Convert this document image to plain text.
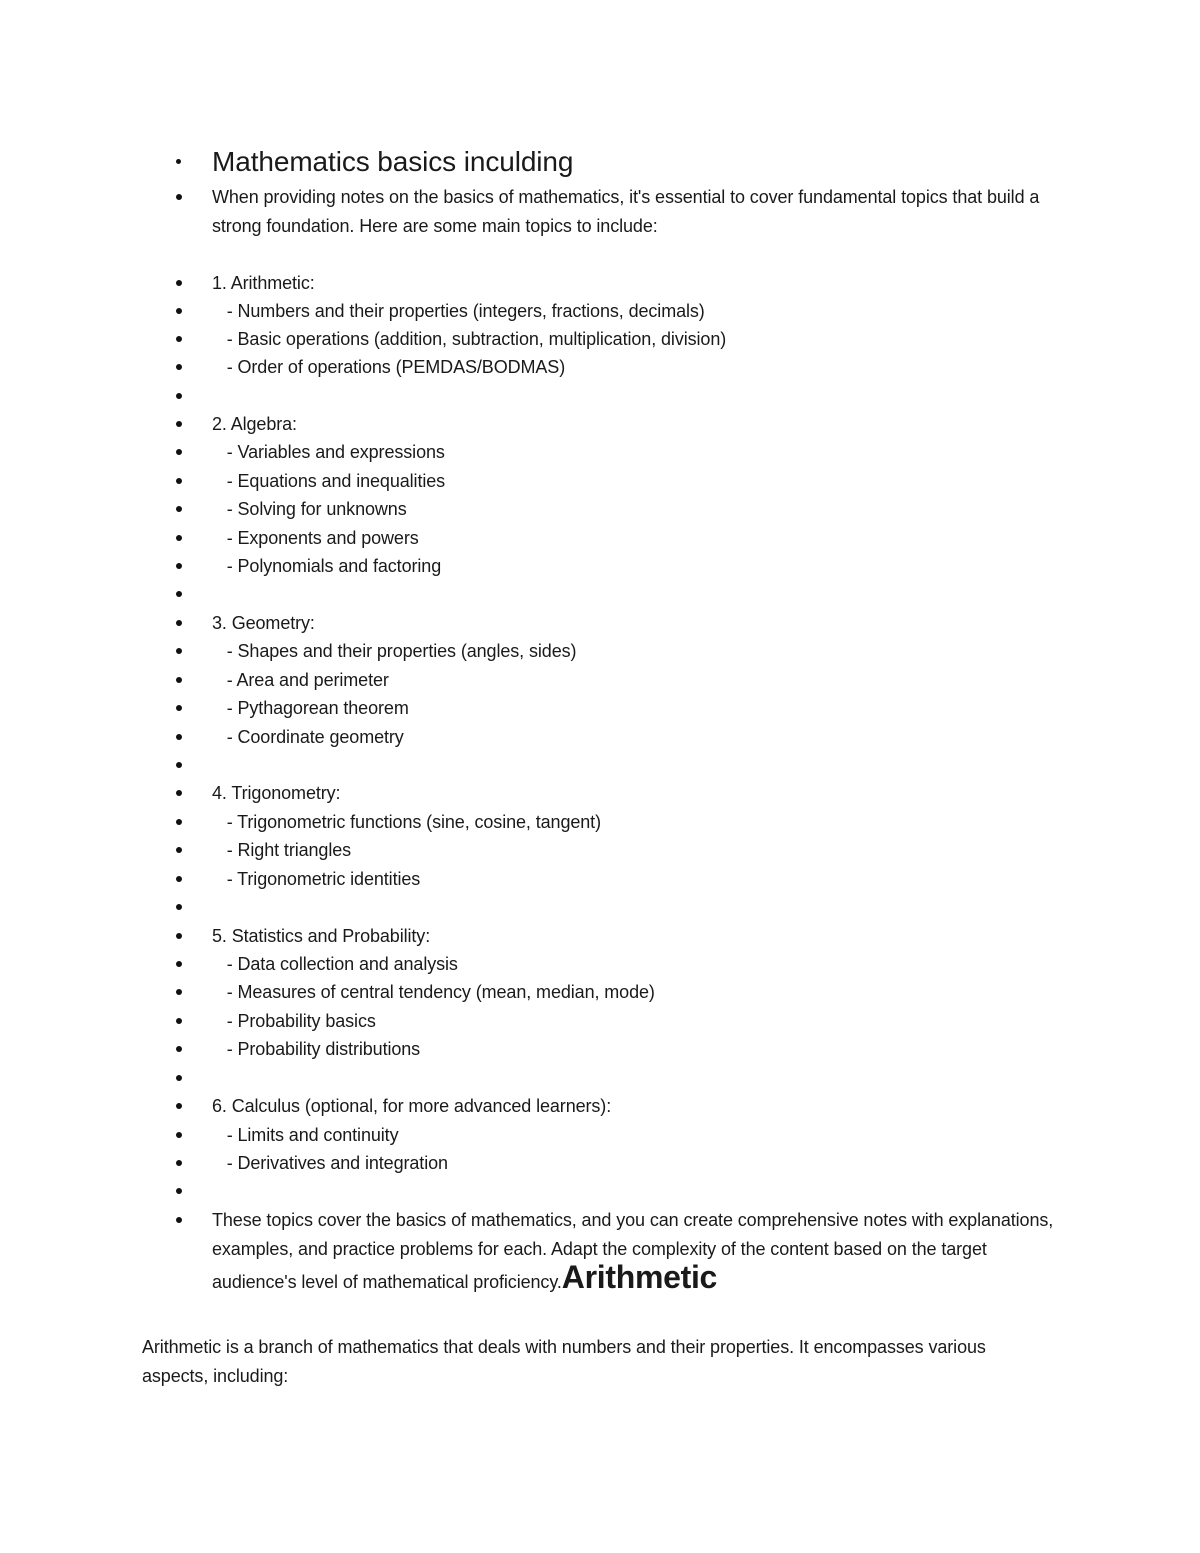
Mathematics basics inculding
When providing notes on the basics of mathematics, it's essential to cover fundamental topics that build a strong foundation. Here are some main topics to include:
1. Arithmetic:
- Numbers and their properties (integers, fractions, decimals)
- Basic operations (addition, subtraction, multiplication, division)
- Order of operations (PEMDAS/BODMAS)
2. Algebra:
- Variables and expressions
- Equations and inequalities
- Solving for unknowns
- Exponents and powers
- Polynomials and factoring
3. Geometry:
- Shapes and their properties (angles, sides)
- Area and perimeter
- Pythagorean theorem
- Coordinate geometry
4. Trigonometry:
- Trigonometric functions (sine, cosine, tangent)
- Right triangles
- Trigonometric identities
5. Statistics and Probability:
- Data collection and analysis
- Measures of central tendency (mean, median, mode)
- Probability basics
- Probability distributions
6. Calculus (optional, for more advanced learners):
- Limits and continuity
- Derivatives and integration
These topics cover the basics of mathematics, and you can create comprehensive notes with explanations, examples, and practice problems for each. Adapt the complexity of the content based on the target audience's level of mathematical proficiency.Arithmetic

Arithmetic is a branch of mathematics that deals with numbers and their properties. It encompasses various aspects, including:
